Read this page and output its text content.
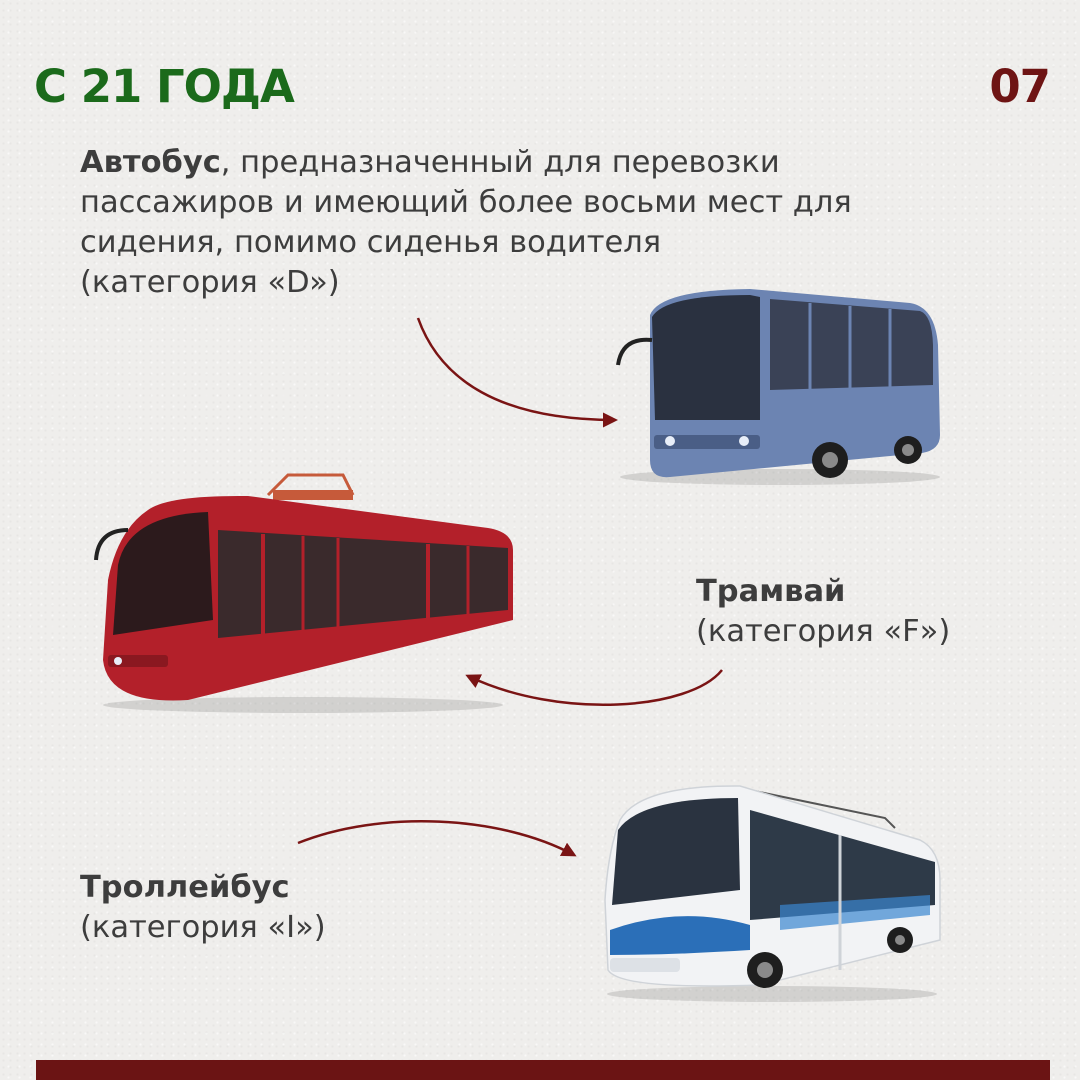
С 21 ГОДА	07
Автобус, предназначенный для перевозки пассажиров и имеющий более восьми мест для сидения, помимо сиденья водителя
(категория «D»)
Трамвай
(категория «F»)
Троллейбус
(категория «I»)
